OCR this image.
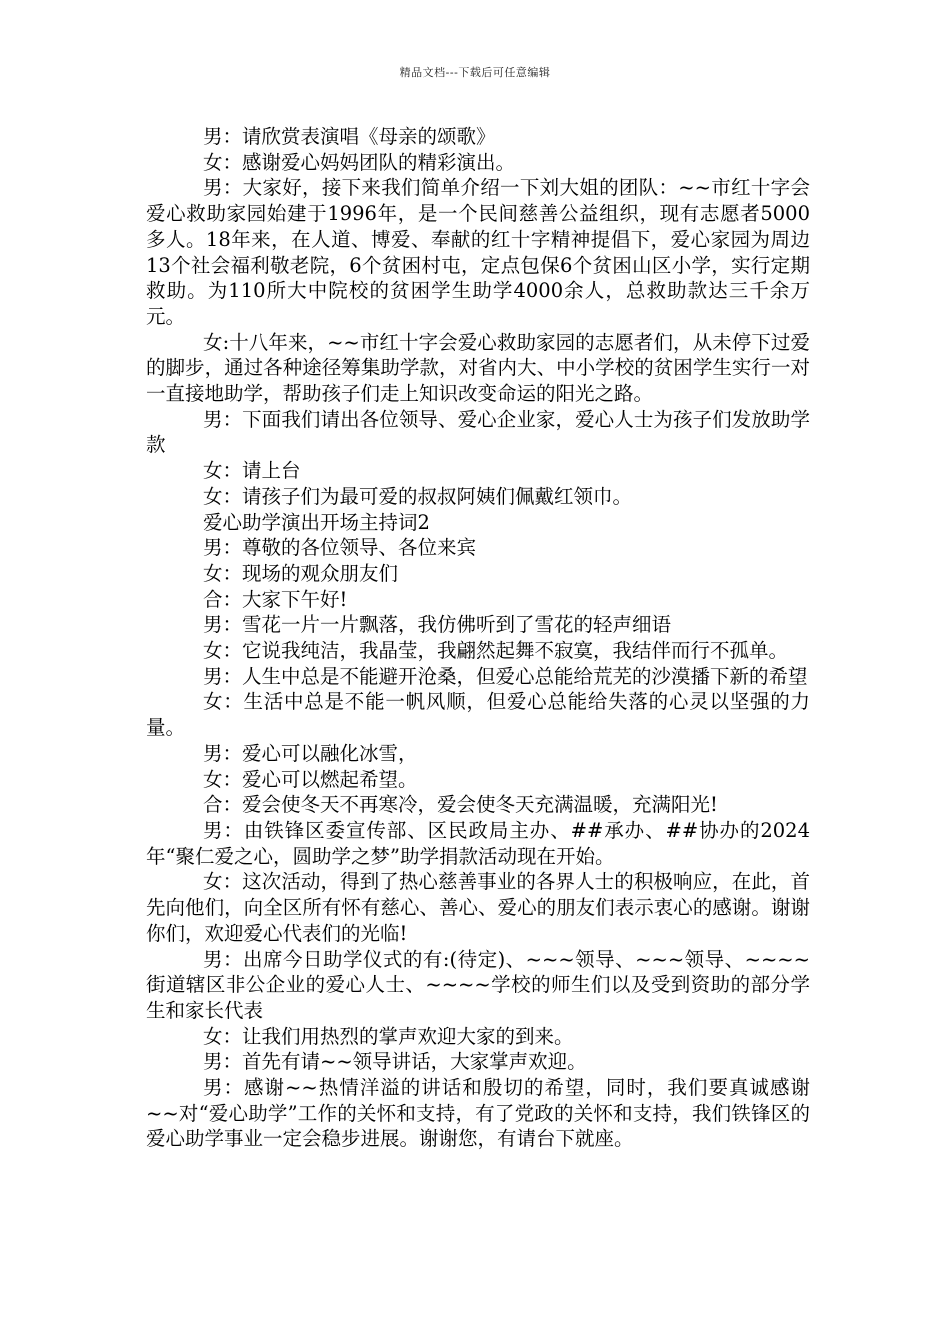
精品文档---下载后可任意编辑

男：请欣赏表演唱《母亲的颂歌》

女：感谢爱心妈妈团队的精彩演出。

男：大家好，接下来我们简单介绍一下刘大姐的团队：~~市红十字会爱心救助家园始建于1996年，是一个民间慈善公益组织，现有志愿者5000多人。18年来，在人道、博爱、奉献的红十字精神提倡下，爱心家园为周边13个社会福利敬老院，6个贫困村屯，定点包保6个贫困山区小学，实行定期救助。为110所大中院校的贫困学生助学4000余人，总救助款达三千余万元。

女:十八年来，~~市红十字会爱心救助家园的志愿者们，从未停下过爱的脚步，通过各种途径筹集助学款，对省内大、中小学校的贫困学生实行一对一直接地助学，帮助孩子们走上知识改变命运的阳光之路。

男：下面我们请出各位领导、爱心企业家，爱心人士为孩子们发放助学款

女：请上台

女：请孩子们为最可爱的叔叔阿姨们佩戴红领巾。

爱心助学演出开场主持词2

男：尊敬的各位领导、各位来宾

女：现场的观众朋友们

合：大家下午好!

男：雪花一片一片飘落，我仿佛听到了雪花的轻声细语

女：它说我纯洁，我晶莹，我翩然起舞不寂寞，我结伴而行不孤单。

男：人生中总是不能避开沧桑，但爱心总能给荒芜的沙漠播下新的希望

女：生活中总是不能一帆风顺，但爱心总能给失落的心灵以坚强的力量。

男：爱心可以融化冰雪，

女：爱心可以燃起希望。

合：爱会使冬天不再寒冷，爱会使冬天充满温暖，充满阳光!

男：由铁锋区委宣传部、区民政局主办、##承办、##协办的2024年“聚仁爱之心，圆助学之梦”助学捐款活动现在开始。

女：这次活动，得到了热心慈善事业的各界人士的积极响应，在此，首先向他们，向全区所有怀有慈心、善心、爱心的朋友们表示衷心的感谢。谢谢你们，欢迎爱心代表们的光临!

男：出席今日助学仪式的有:(待定)、~~~领导、~~~领导、~~~~街道辖区非公企业的爱心人士、~~~~学校的师生们以及受到资助的部分学生和家长代表

女：让我们用热烈的掌声欢迎大家的到来。

男：首先有请~~领导讲话，大家掌声欢迎。

男：感谢~~热情洋溢的讲话和殷切的希望，同时，我们要真诚感谢~~对“爱心助学”工作的关怀和支持，有了党政的关怀和支持，我们铁锋区的爱心助学事业一定会稳步进展。谢谢您，有请台下就座。
